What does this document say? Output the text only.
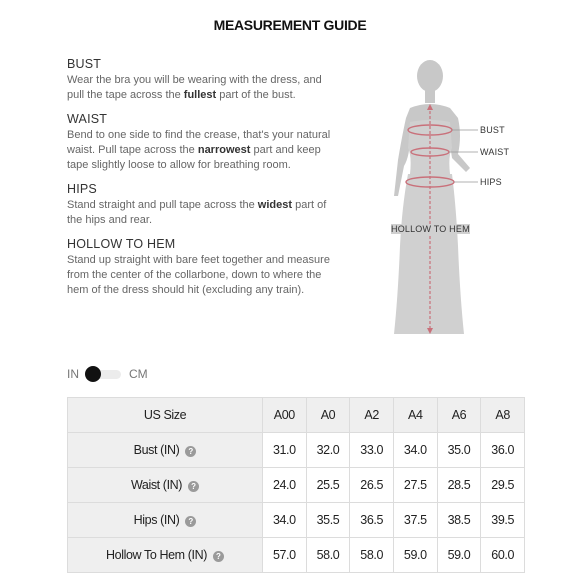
MEASUREMENT GUIDE
BUST

Wear the bra you will be wearing with the dress, and pull the tape across the fullest part of the bust.

WAIST

Bend to one side to find the crease, that's your natural waist. Pull tape across the narrowest part and keep tape slightly loose to allow for breathing room.

HIPS

Stand straight and pull tape across the widest part of the hips and rear.

HOLLOW TO HEM

Stand up straight with bare feet together and measure from the center of the collarbone, down to where the hem of the dress should hit (excluding any train).

BUST
WAIST
HIPS
HOLLOW TO HEM
IN	CM
US Size	A00	A0	A2	A4	A6	A8
Bust (IN) ?	31.0	32.0	33.0	34.0	35.0	36.0
Waist (IN) ?	24.0	25.5	26.5	27.5	28.5	29.5
Hips (IN) ?	34.0	35.5	36.5	37.5	38.5	39.5
Hollow To Hem (IN) ?	57.0	58.0	58.0	59.0	59.0	60.0
